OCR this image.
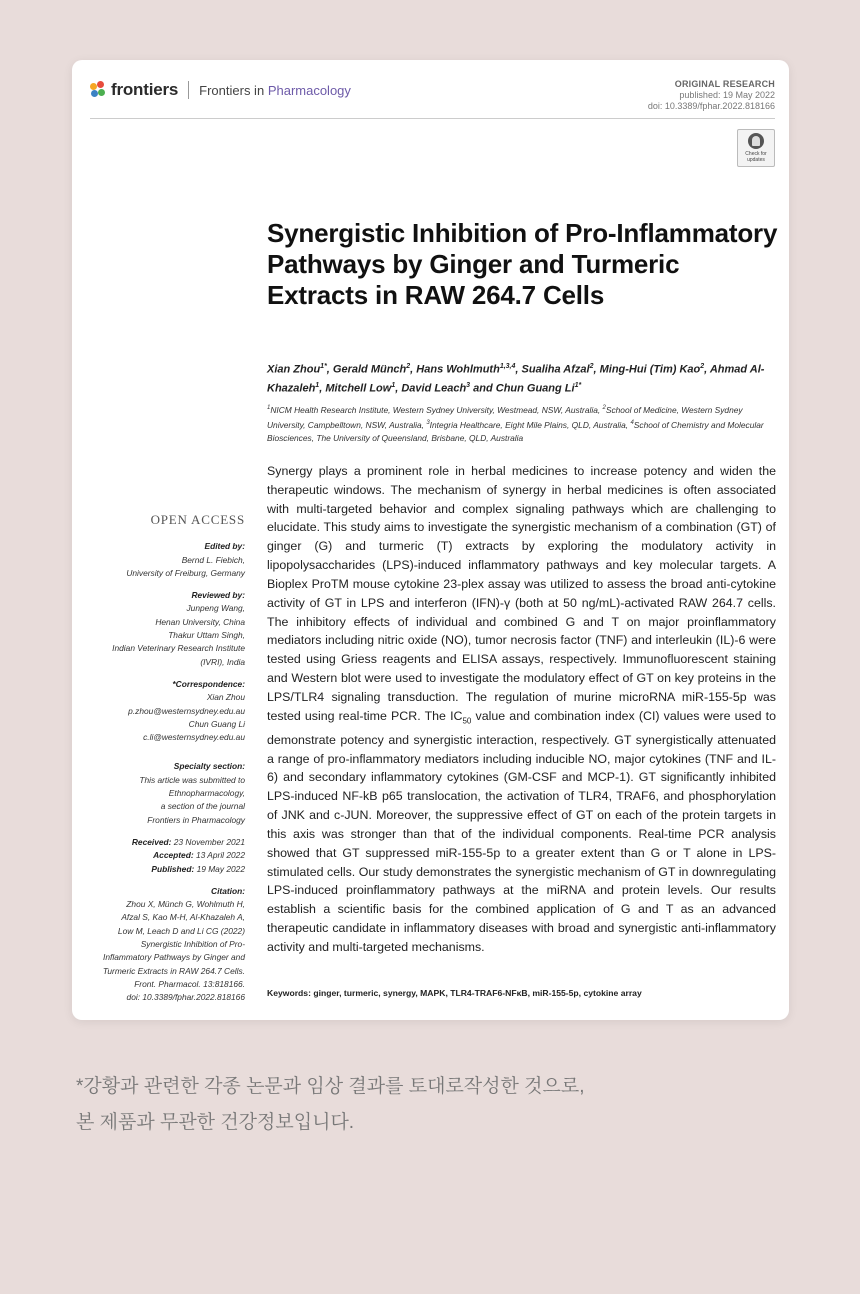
frontiers Frontiers in Pharmacology	ORIGINAL RESEARCH
published: 19 May 2022
doi: 10.3389/fphar.2022.818166
Check for
updates
Synergistic Inhibition of Pro-Inflammatory Pathways by Ginger and Turmeric Extracts in RAW 264.7 Cells
Xian Zhou$^{1*}$, Gerald Münch$^2$, Hans Wohlmuth$^{1,3,4}$, Sualiha Afzal$^2$, Ming-Hui (Tim) Kao$^2$, Ahmad Al-Khazaleh$^1$, Mitchell Low$^1$, David Leach$^3$ and Chun Guang $Li^{1*}$
$^1$NICM Health Research Institute, Western Sydney University, Westmead, NSW, Australia, $^2$School of Medicine, Western Sydney University, Campbelltown, NSW, Australia, $^3$Integria Healthcare, Eight Mile Plains, QLD, Australia, $^4$School of Chemistry and Molecular Biosciences, The University of Queensland, Brisbane, QLD, Australia
OPEN ACCESS
Edited by:
Bernd L. Fiebich,
University of Freiburg, Germany
Reviewed by:
Junpeng Wang,
Henan University, China
Thakur Uttam Singh,
Indian Veterinary Research Institute
(IVRI), India
*Correspondence:
Xian Zhou
p.zhou@westernsydney.edu.au
Chun Guang Li
c.li@westernsydney.edu.au
Specialty section:
This article was submitted to
Ethnopharmacology,
a section of the journal
Frontiers in Pharmacology
Received: 23 November 2021
Accepted: 13 April 2022
Published: 19 May 2022
Citation:
Zhou X, Münch G, Wohlmuth H,
Afzal S, Kao M-H, Al-Khazaleh A,
Low M, Leach D and Li CG (2022)
Synergistic Inhibition of Pro-
Inflammatory Pathways by Ginger and
Turmeric Extracts in RAW 264.7 Cells.
Front. Pharmacol. 13:818166.
doi: 10.3389/fphar.2022.818166

Synergy plays a prominent role in herbal medicines to increase potency and widen the therapeutic windows. The mechanism of synergy in herbal medicines is often associated with multi-targeted behavior and complex signaling pathways which are challenging to elucidate. This study aims to investigate the synergistic mechanism of a combination (GT) of ginger (G) and turmeric (T) extracts by exploring the modulatory activity in lipopolysaccharides (LPS)-induced inflammatory pathways and key molecular targets. A Bioplex ProTM mouse cytokine 23-plex assay was utilized to assess the broad anti-cytokine activity of GT in LPS and interferon (IFN)-γ (both at 50 ng/mL)-activated RAW 264.7 cells. The inhibitory effects of individual and combined G and T on major proinflammatory mediators including nitric oxide (NO), tumor necrosis factor (TNF) and interleukin (IL)-6 were tested using Griess reagents and ELISA assays, respectively. Immunofluorescent staining and Western blot were used to investigate the modulatory effect of GT on key proteins in the LPS/TLR4 signaling transduction. The regulation of murine microRNA miR-155-5p was tested using real-time PCR. The $IC_{50}$ value and combination index (CI) values were used to demonstrate potency and synergistic interaction, respectively. GT synergistically attenuated a range of pro-inflammatory mediators including inducible NO, major cytokines (TNF and IL-6) and secondary inflammatory cytokines (GM-CSF and MCP-1). GT significantly inhibited LPS-induced NF-kB p65 translocation, the activation of TLR4, TRAF6, and phosphorylation of JNK and c-JUN. Moreover, the suppressive effect of GT on each of the protein targets in this axis was stronger than that of the individual components. Real-time PCR analysis showed that GT suppressed miR-155-5p to a greater extent than G or T alone in LPS-stimulated cells. Our study demonstrates the synergistic mechanism of GT in downregulating LPS-induced proinflammatory pathways at the miRNA and protein levels. Our results establish a scientific basis for the combined application of G and T as an advanced therapeutic candidate in inflammatory diseases with broad and synergistic anti-inflammatory activity and multi-targeted mechanisms.

Keywords: ginger, turmeric, synergy, MAPK, TLR4-TRAF6-NFκB, miR-155-5p, cytokine array
*강황과 관련한 각종 논문과 임상 결과를 토대로작성한 것으로,
본 제품과 무관한 건강정보입니다.
